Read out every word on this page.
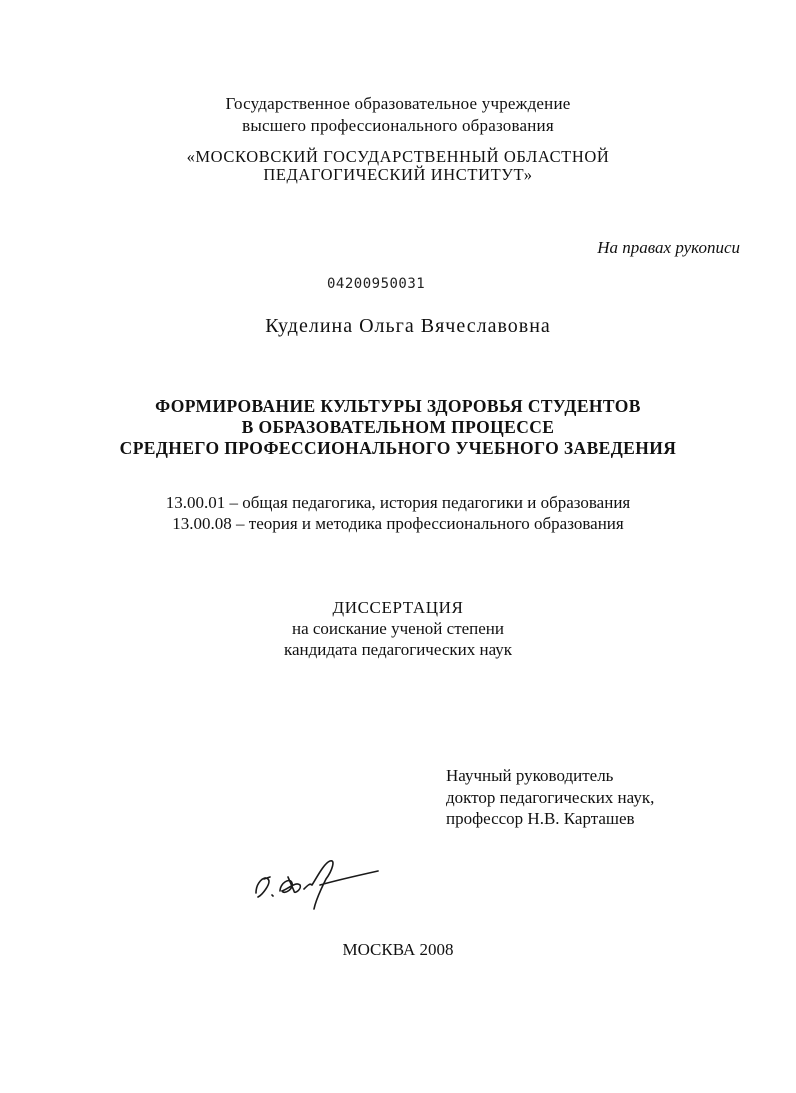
Государственное образовательное учреждение
высшего профессионального образования
«МОСКОВСКИЙ ГОСУДАРСТВЕННЫЙ ОБЛАСТНОЙ
ПЕДАГОГИЧЕСКИЙ ИНСТИТУТ»
На правах рукописи
04200950031
Куделина Ольга Вячеславовна
ФОРМИРОВАНИЕ КУЛЬТУРЫ ЗДОРОВЬЯ СТУДЕНТОВ
В ОБРАЗОВАТЕЛЬНОМ ПРОЦЕССЕ
СРЕДНЕГО ПРОФЕССИОНАЛЬНОГО УЧЕБНОГО ЗАВЕДЕНИЯ
13.00.01 – общая педагогика, история педагогики и образования
13.00.08 – теория и методика профессионального образования
ДИССЕРТАЦИЯ
на соискание ученой степени
кандидата педагогических наук
Научный руководитель
доктор педагогических наук,
профессор Н.В. Карташев
МОСКВА 2008
